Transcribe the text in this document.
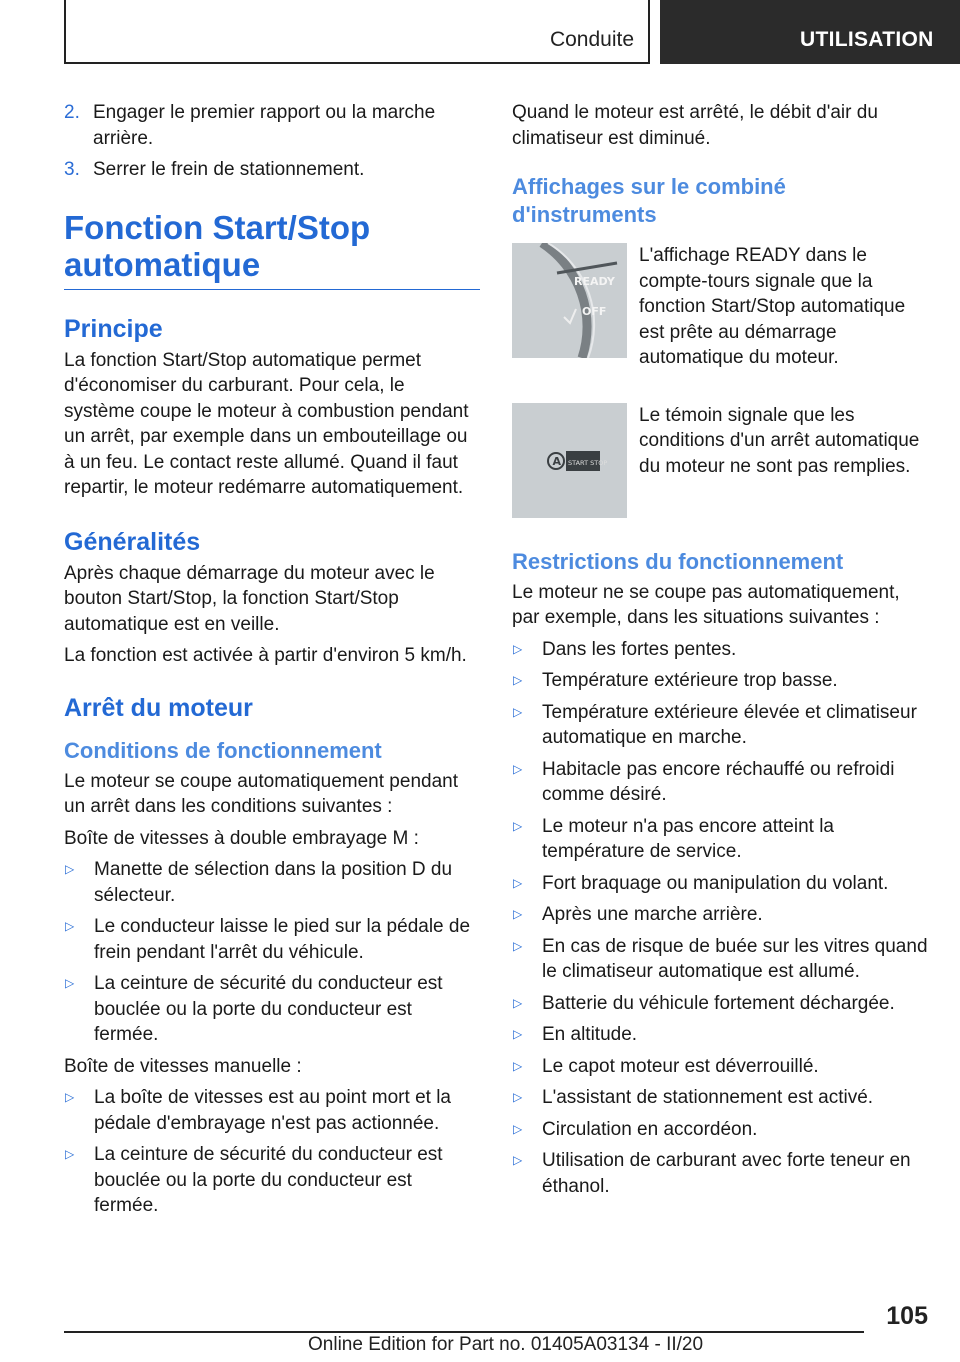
Conduite	UTILISATION
2. Engager le premier rapport ou la marche arrière.

3. Serrer le frein de stationnement.

Fonction Start/Stop automatique
Principe

La fonction Start/Stop automatique permet d'économiser du carburant. Pour cela, le système coupe le moteur à combustion pendant un arrêt, par exemple dans un embouteillage ou à un feu. Le contact reste allumé. Quand il faut repartir, le moteur redémarre automatiquement.

Généralités

Après chaque démarrage du moteur avec le bouton Start/Stop, la fonction Start/Stop automatique est en veille.

La fonction est activée à partir d'environ 5 km/h.

Arrêt du moteur
Conditions de fonctionnement

Le moteur se coupe automatiquement pendant un arrêt dans les conditions suivantes :

Boîte de vitesses à double embrayage M :

▷	Manette de sélection dans la position D du sélecteur.
▷	Le conducteur laisse le pied sur la pédale de frein pendant l'arrêt du véhicule.
▷	La ceinture de sécurité du conducteur est bouclée ou la porte du conducteur est fermée.

Boîte de vitesses manuelle :

▷	La boîte de vitesses est au point mort et la pédale d'embrayage n'est pas actionnée.
▷	La ceinture de sécurité du conducteur est bouclée ou la porte du conducteur est fermée.

Quand le moteur est arrêté, le débit d'air du climatiseur est diminué.

Affichages sur le combiné d'instruments
READY
OFF

L'affichage READY dans le compte-tours signale que la fonction Start/Stop automatique est prête au démarrage automatique du moteur.

A START STOP

Le témoin signale que les conditions d'un arrêt automatique du moteur ne sont pas remplies.

Restrictions du fonctionnement

Le moteur ne se coupe pas automatiquement, par exemple, dans les situations suivantes :

▷	Dans les fortes pentes.
▷	Température extérieure trop basse.
▷	Température extérieure élevée et climatiseur automatique en marche.
▷	Habitacle pas encore réchauffé ou refroidi comme désiré.
▷	Le moteur n'a pas encore atteint la température de service.
▷	Fort braquage ou manipulation du volant.
▷	Après une marche arrière.
▷	En cas de risque de buée sur les vitres quand le climatiseur automatique est allumé.
▷	Batterie du véhicule fortement déchargée.
▷	En altitude.
▷	Le capot moteur est déverrouillé.
▷	L'assistant de stationnement est activé.
▷	Circulation en accordéon.
▷	Utilisation de carburant avec forte teneur en éthanol.
105
Online Edition for Part no. 01405A03134 - II/20
